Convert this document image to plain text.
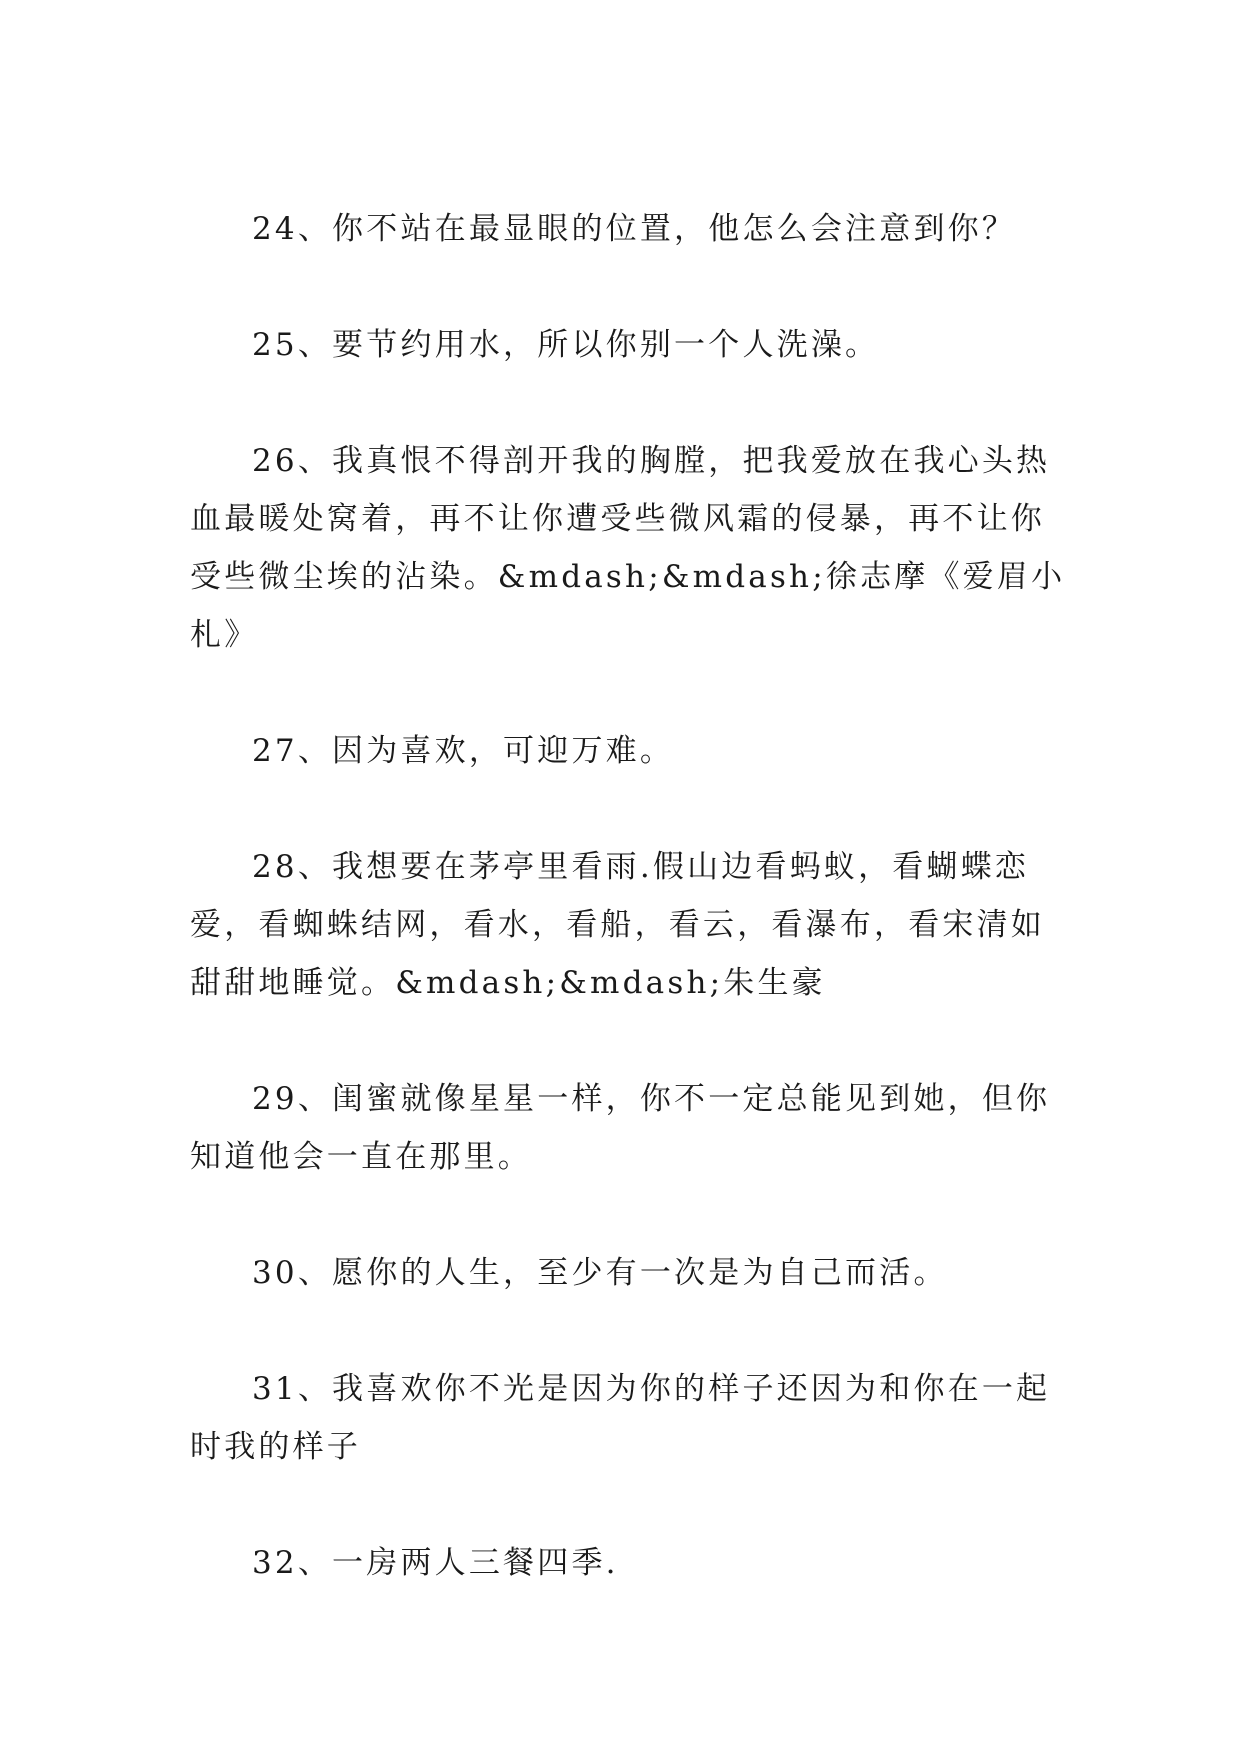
24、你不站在最显眼的位置，他怎么会注意到你？

25、要节约用水，所以你别一个人洗澡。

26、我真恨不得剖开我的胸膛，把我爱放在我心头热血最暖处窝着，再不让你遭受些微风霜的侵暴，再不让你受些微尘埃的沾染。&mdash;&mdash;徐志摩《爱眉小札》

27、因为喜欢，可迎万难。

28、我想要在茅亭里看雨.假山边看蚂蚁，看蝴蝶恋爱，看蜘蛛结网，看水，看船，看云，看瀑布，看宋清如甜甜地睡觉。&mdash;&mdash;朱生豪

29、闺蜜就像星星一样，你不一定总能见到她，但你知道他会一直在那里。

30、愿你的人生，至少有一次是为自己而活。

31、我喜欢你不光是因为你的样子还因为和你在一起时我的样子

32、一房两人三餐四季.
